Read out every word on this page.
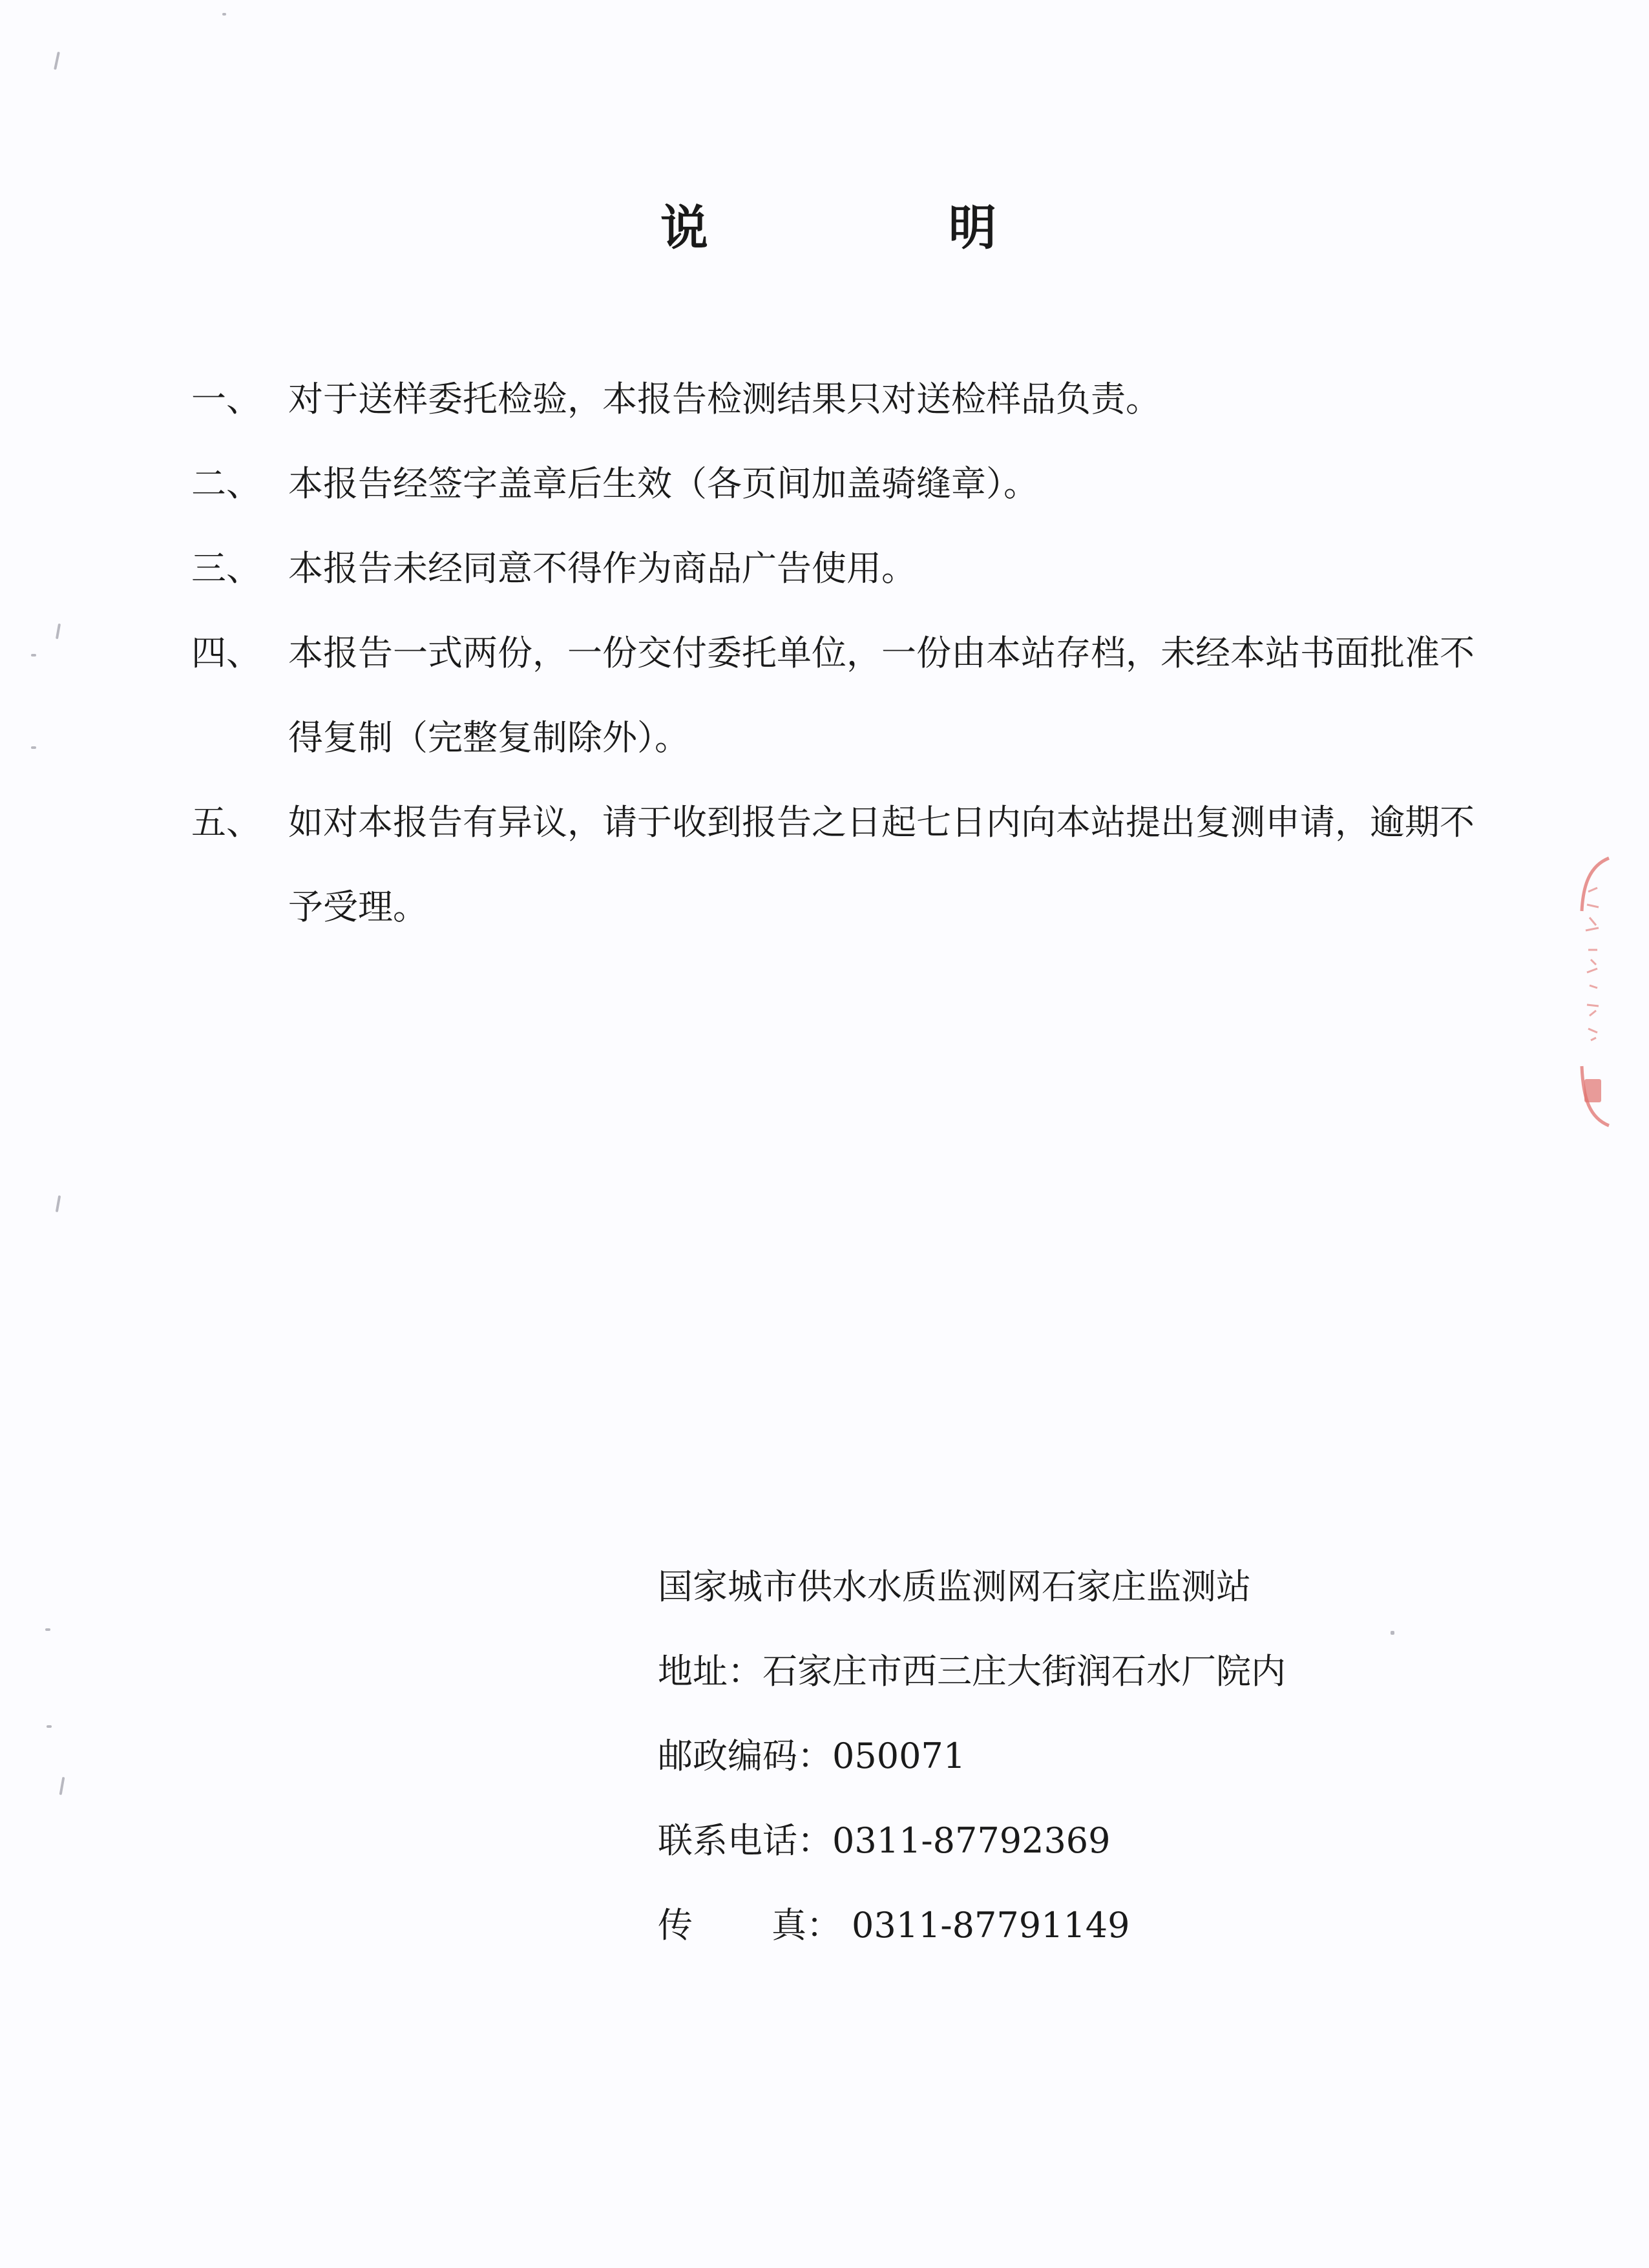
说	明
一、 对于送样委托检验，本报告检测结果只对送检样品负责。
二、 本报告经签字盖章后生效（各页间加盖骑缝章）。
三、 本报告未经同意不得作为商品广告使用。
四、 本报告一式两份，一份交付委托单位，一份由本站存档，未经本站书面批准不得复制（完整复制除外）。
五、 如对本报告有异议，请于收到报告之日起七日内向本站提出复测申请，逾期不予受理。
国家城市供水水质监测网石家庄监测站
地址：石家庄市西三庄大街润石水厂院内
邮政编码：050071
联系电话：0311-87792369
传 真： 0311-87791149
